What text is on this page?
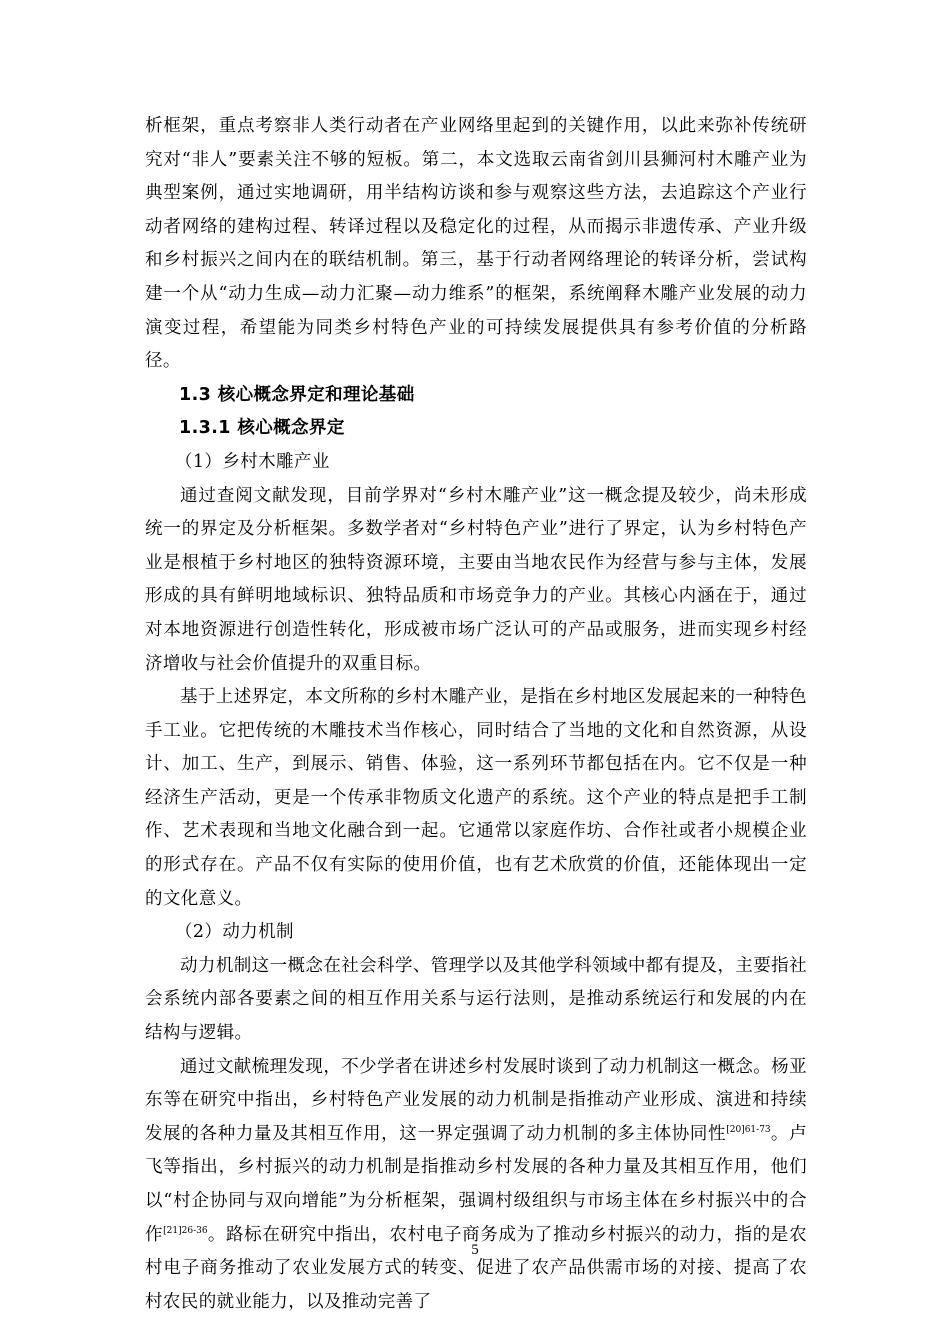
析框架，重点考察非人类行动者在产业网络里起到的关键作用，以此来弥补传统研究对“非人”要素关注不够的短板。第二，本文选取云南省剑川县狮河村木雕产业为典型案例，通过实地调研，用半结构访谈和参与观察这些方法，去追踪这个产业行动者网络的建构过程、转译过程以及稳定化的过程，从而揭示非遗传承、产业升级和乡村振兴之间内在的联结机制。第三，基于行动者网络理论的转译分析，尝试构建一个从“动力生成—动力汇聚—动力维系”的框架，系统阐释木雕产业发展的动力演变过程，希望能为同类乡村特色产业的可持续发展提供具有参考价值的分析路径。

1.3 核心概念界定和理论基础

1.3.1 核心概念界定

（1）乡村木雕产业

通过查阅文献发现，目前学界对“乡村木雕产业”这一概念提及较少，尚未形成统一的界定及分析框架。多数学者对“乡村特色产业”进行了界定，认为乡村特色产业是根植于乡村地区的独特资源环境，主要由当地农民作为经营与参与主体，发展形成的具有鲜明地域标识、独特品质和市场竞争力的产业。其核心内涵在于，通过对本地资源进行创造性转化，形成被市场广泛认可的产品或服务，进而实现乡村经济增收与社会价值提升的双重目标。

基于上述界定，本文所称的乡村木雕产业，是指在乡村地区发展起来的一种特色手工业。它把传统的木雕技术当作核心，同时结合了当地的文化和自然资源，从设计、加工、生产，到展示、销售、体验，这一系列环节都包括在内。它不仅是一种经济生产活动，更是一个传承非物质文化遗产的系统。这个产业的特点是把手工制作、艺术表现和当地文化融合到一起。它通常以家庭作坊、合作社或者小规模企业的形式存在。产品不仅有实际的使用价值，也有艺术欣赏的价值，还能体现出一定的文化意义。

（2）动力机制

动力机制这一概念在社会科学、管理学以及其他学科领域中都有提及，主要指社会系统内部各要素之间的相互作用关系与运行法则，是推动系统运行和发展的内在结构与逻辑。

通过文献梳理发现，不少学者在讲述乡村发展时谈到了动力机制这一概念。杨亚东等在研究中指出，乡村特色产业发展的动力机制是指推动产业形成、演进和持续发展的各种力量及其相互作用，这一界定强调了动力机制的多主体协同性$^{[20]61-73}$。卢飞等指出，乡村振兴的动力机制是指推动乡村发展的各种力量及其相互作用，他们以“村企协同与双向增能”为分析框架，强调村级组织与市场主体在乡村振兴中的合作$^{[21]26-36}$。路标在研究中指出，农村电子商务成为了推动乡村振兴的动力，指的是农村电子商务推动了农业发展方式的转变、促进了农产品供需市场的对接、提高了农村农民的就业能力，以及推动完善了

5
